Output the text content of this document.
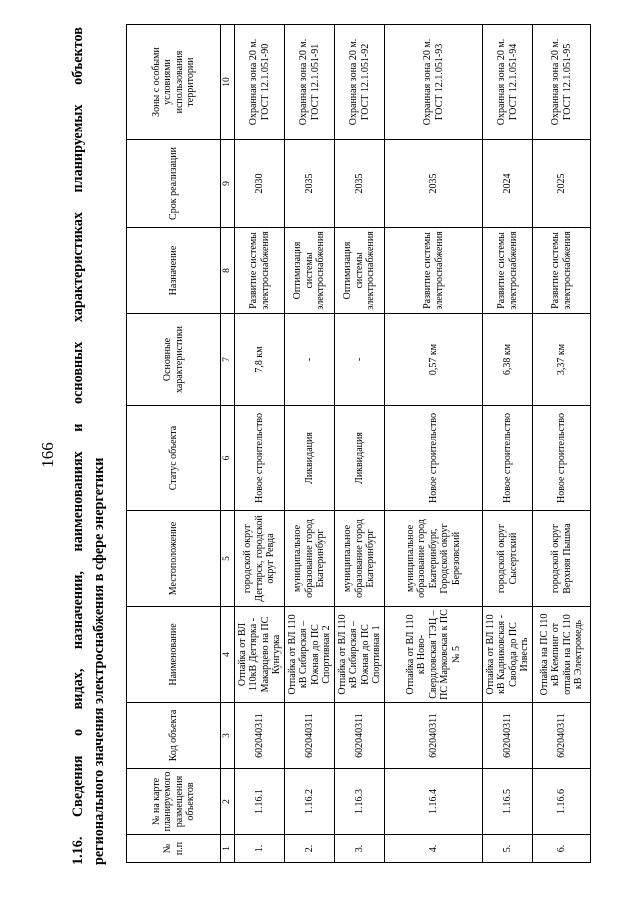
166
1.16.
Сведения
о
видах,
назначении,
наименованиях
и
основных
характеристиках
планируемых
объектов
регионального значения электроснабжения в сфере энергетики	№ п.п	№ на карте планируемого размещения объектов	Код объекта	Наименование	Местоположение	Статус объекта	Основные характеристики	Назначение	Срок реализации	Зоны с особыми условиями использования территории
1	2	3	4	5	6	7	8	9	10
1.	1.16.1	602040311	Отпайка от ВЛ 110кВ Дегтярка - Макарцево на ПС Кунгурка	городской округ Дегтярск, городской округ Ревда	Новое строительство	7,8 км	Развитие системы электроснабжения	2030	Охранная зона 20 м. ГОСТ 12.1.051-90
2.	1.16.2	602040311	Отпайка от ВЛ 110 кВ Сибирская – Южная до ПС Спортивная 2	муниципальное образование город Екатеринбург	Ликвидация	-	Оптимизация системы электроснабжения	2035	Охранная зона 20 м. ГОСТ 12.1.051-91
3.	1.16.3	602040311	Отпайка от ВЛ 110 кВ Сибирская – Южная до ПС Спортивная 1	муниципальное образование город Екатеринбург	Ликвидация	-	Оптимизация системы электроснабжения	2035	Охранная зона 20 м. ГОСТ 12.1.051-92
4.	1.16.4	602040311	Отпайка от ВЛ 110 кВ Ново-Свердловская ТЭЦ – ПС Марковская к ПС № 5	муниципальное образование город Екатеринбург, Городской округ Березовский	Новое строительство	0,57 км	Развитие системы электроснабжения	2035	Охранная зона 20 м. ГОСТ 12.1.051-93
5.	1.16.5	602040311	Отпайка от ВЛ 110 кВ Кадниковская - Свобода до ПС Известь	городской округ Сысертский	Новое строительство	6,38 км	Развитие системы электроснабжения	2024	Охранная зона 20 м. ГОСТ 12.1.051-94
6.	1.16.6	602040311	Отпайка на ПС 110 кВ Кемпинг от отпайки на ПС 110 кВ Электромедь	городской округ Верхняя Пышма	Новое строительство	3,37 км	Развитие системы электроснабжения	2025	Охранная зона 20 м. ГОСТ 12.1.051-95
